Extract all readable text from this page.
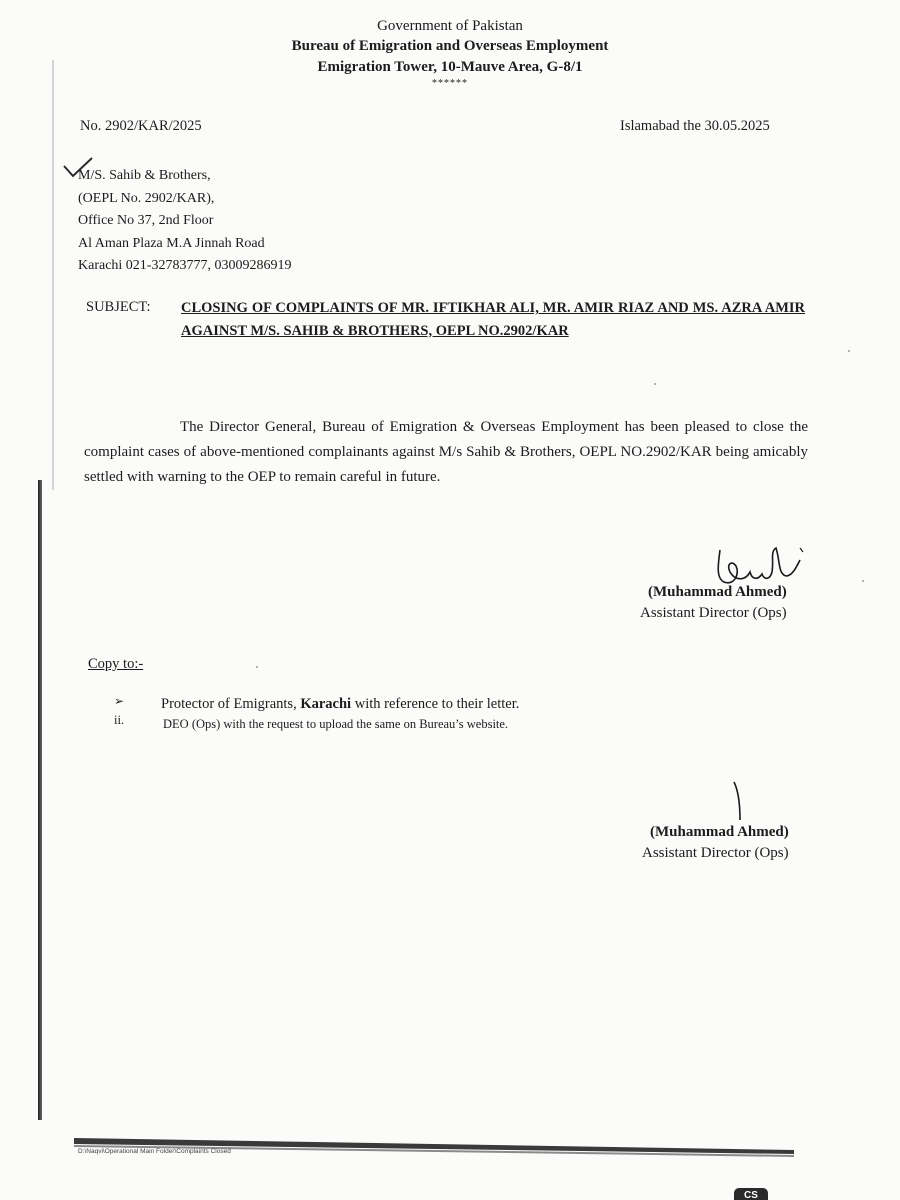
Government of Pakistan
Bureau of Emigration and Overseas Employment
Emigration Tower, 10-Mauve Area, G-8/1
******
No. 2902/KAR/2025	Islamabad the 30.05.2025
M/S. Sahib & Brothers,
(OEPL No. 2902/KAR),
Office No 37, 2nd Floor
Al Aman Plaza M.A Jinnah Road
Karachi 021-32783777, 03009286919
SUBJECT: CLOSING OF COMPLAINTS OF MR. IFTIKHAR ALI, MR. AMIR RIAZ AND MS. AZRA AMIR AGAINST M/S. SAHIB & BROTHERS, OEPL NO.2902/KAR
The Director General, Bureau of Emigration & Overseas Employment has been pleased to close the complaint cases of above-mentioned complainants against M/s Sahib & Brothers, OEPL NO.2902/KAR being amicably settled with warning to the OEP to remain careful in future.
(Muhammad Ahmed)
Assistant Director (Ops)
Copy to:-
➢	Protector of Emigrants, Karachi with reference to their letter.
ii.	DEO (Ops) with the request to upload the same on Bureau’s website.
(Muhammad Ahmed)
Assistant Director (Ops)
D:\Naqvi\Operational Main Folder\Complaints Closed
CS
